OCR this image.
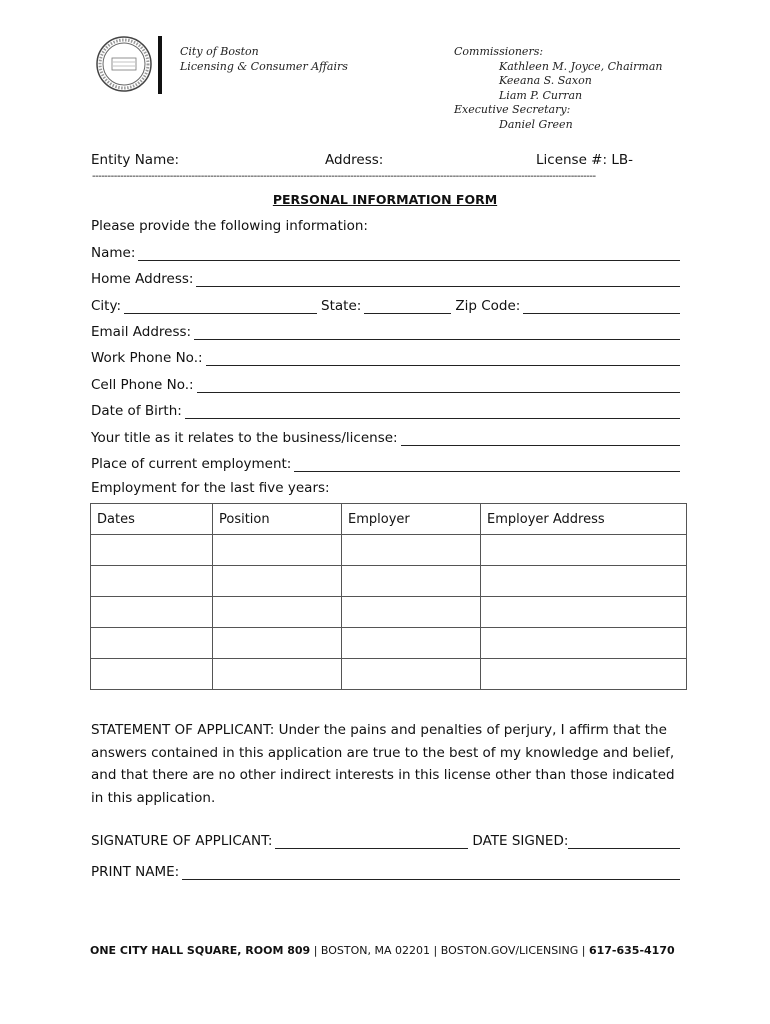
City of Boston
Licensing & Consumer Affairs
Commissioners:
Kathleen M. Joyce, Chairman
Keeana S. Saxon
Liam P. Curran
Executive Secretary:
Daniel Green
Entity Name:	Address:	License #: LB-
------------------------------------------------------------------------------------------------------------------------------------------------------------------
PERSONAL INFORMATION FORM
Please provide the following information:
Name:
Home Address:
City:	State:	Zip Code:
Email Address:
Work Phone No.:
Cell Phone No.:
Date of Birth:
Your title as it relates to the business/license:
Place of current employment:
Employment for the last five years:
Dates	Position	Employer	Employer Address

STATEMENT OF APPLICANT: Under the pains and penalties of perjury, I affirm that the answers contained in this application are true to the best of my knowledge and belief, and that there are no other indirect interests in this license other than those indicated in this application.
SIGNATURE OF APPLICANT:	DATE SIGNED:
PRINT NAME:
ONE CITY HALL SQUARE, ROOM 809 | BOSTON, MA 02201 | BOSTON.GOV/LICENSING | 617-635-4170
